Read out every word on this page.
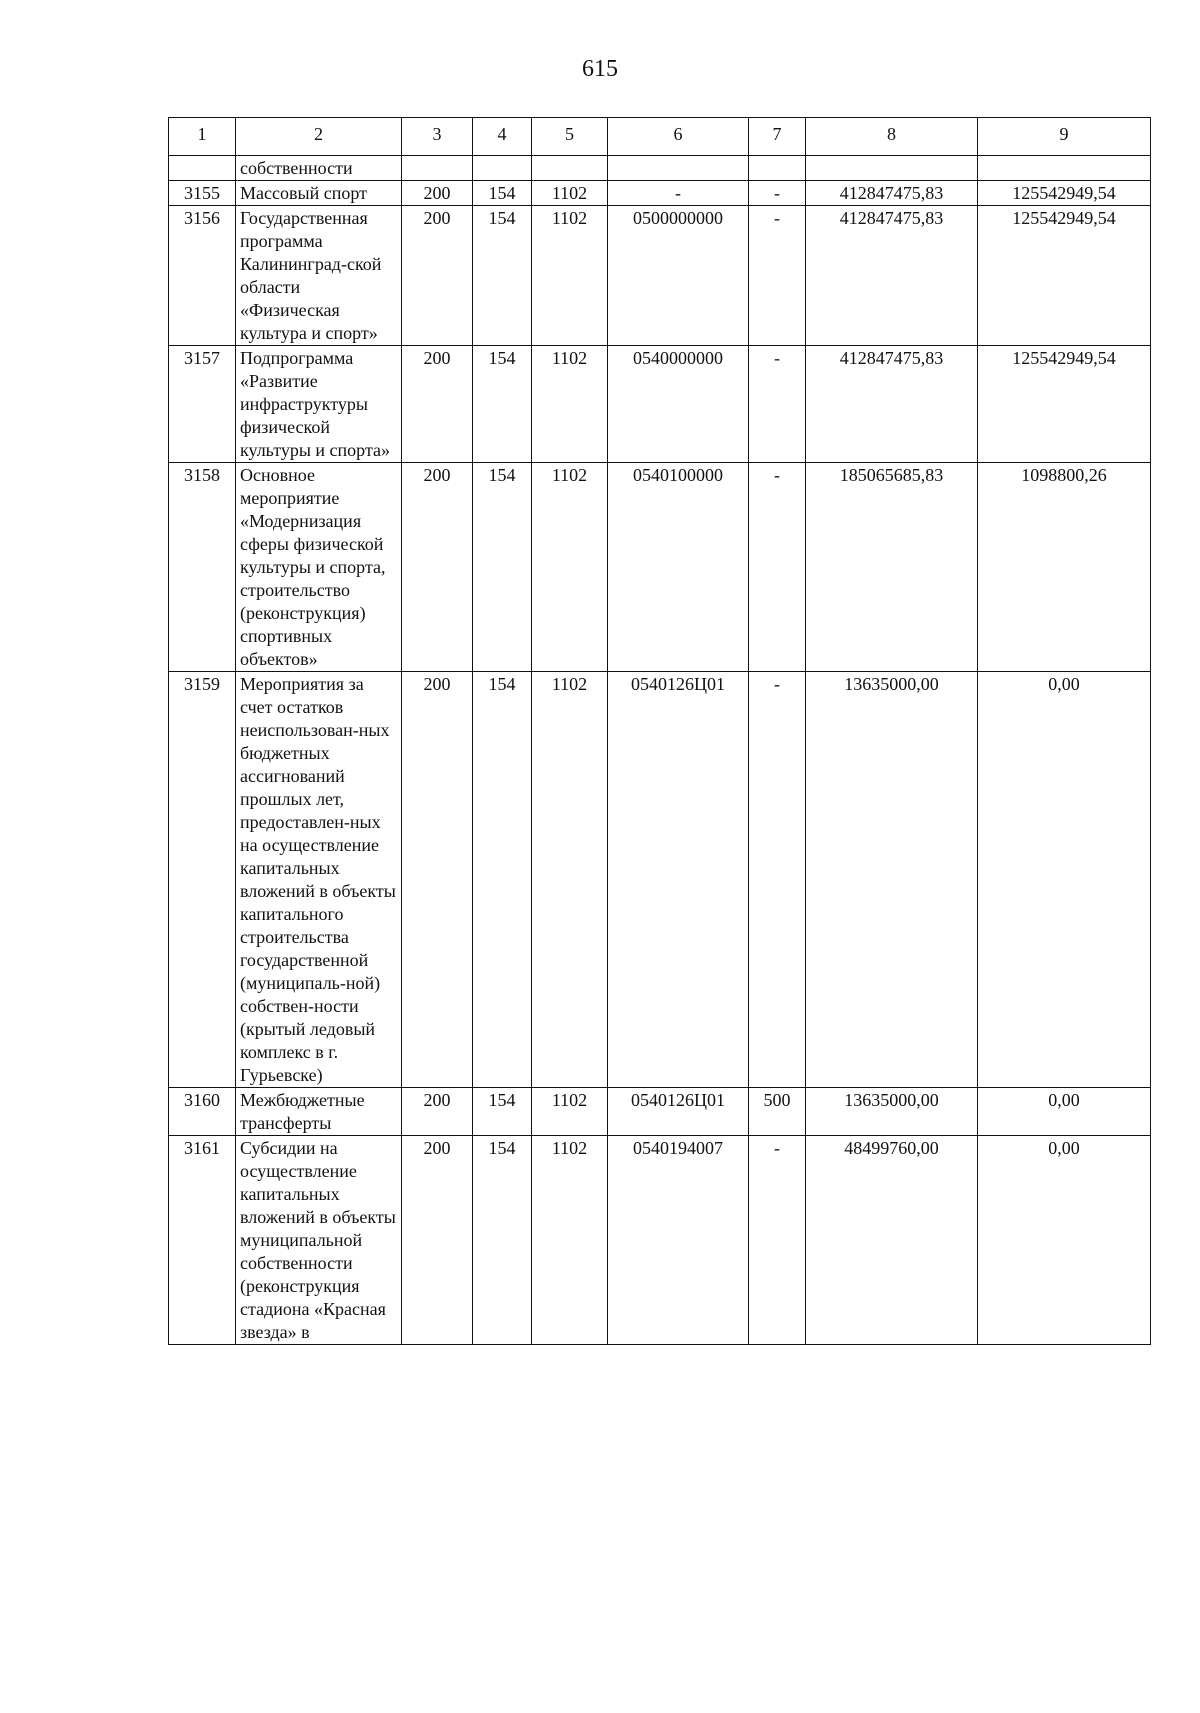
615
1	2	3	4	5	6	7	8	9
	собственности							
3155	Массовый спорт	200	154	1102	-	-	412847475,83	125542949,54
3156	Государственная программа Калининград-ской области «Физическая культура и спорт»	200	154	1102	0500000000	-	412847475,83	125542949,54
3157	Подпрограмма «Развитие инфраструктуры физической культуры и спорта»	200	154	1102	0540000000	-	412847475,83	125542949,54
3158	Основное мероприятие «Модернизация сферы физической культуры и спорта, строительство (реконструкция) спортивных объектов»	200	154	1102	0540100000	-	185065685,83	1098800,26
3159	Мероприятия за счет остатков неиспользован-ных бюджетных ассигнований прошлых лет, предоставлен-ных на осуществление капитальных вложений в объекты капитального строительства государственной (муниципаль-ной) собствен-ности (крытый ледовый комплекс в г. Гурьевске)	200	154	1102	0540126Ц01	-	13635000,00	0,00
3160	Межбюджетные трансферты	200	154	1102	0540126Ц01	500	13635000,00	0,00
3161	Субсидии на осуществление капитальных вложений в объекты муниципальной собственности (реконструкция стадиона «Красная звезда» в	200	154	1102	0540194007	-	48499760,00	0,00
